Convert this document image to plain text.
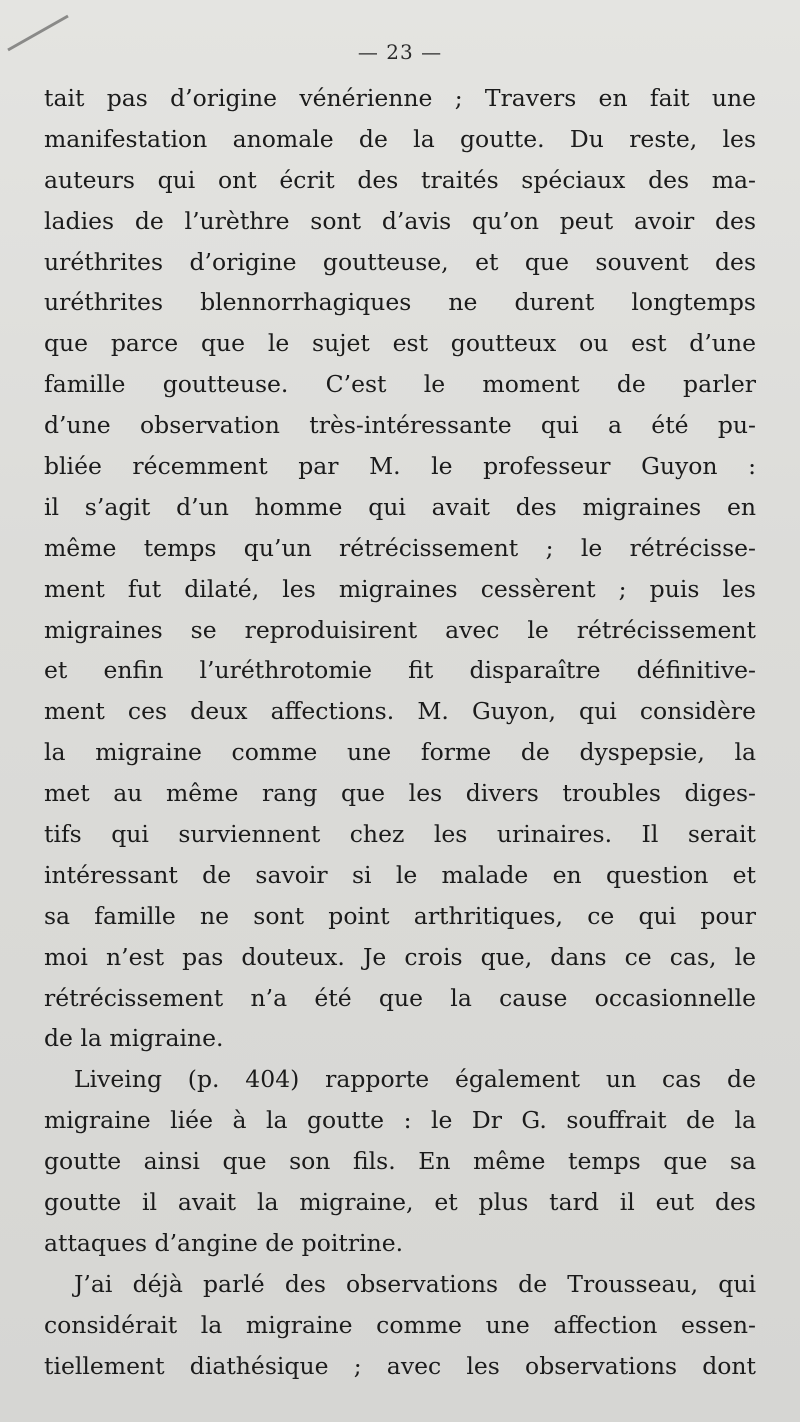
— 23 —
tait pas d’origine vénérienne ; Travers en fait une
manifestation anomale de la goutte. Du reste, les
auteurs qui ont écrit des traités spéciaux des ma-
ladies de l’urèthre sont d’avis qu’on peut avoir des
uréthrites d’origine goutteuse, et que souvent des
uréthrites blennorrhagiques ne durent longtemps
que parce que le sujet est goutteux ou est d’une
famille goutteuse. C’est le moment de parler
d’une observation très-intéressante qui a été pu-
bliée récemment par M. le professeur Guyon :
il s’agit d’un homme qui avait des migraines en
même temps qu’un rétrécissement ; le rétrécisse-
ment fut dilaté, les migraines cessèrent ; puis les
migraines se reproduisirent avec le rétrécissement
et enfin l’uréthrotomie fit disparaître définitive-
ment ces deux affections. M. Guyon, qui considère
la migraine comme une forme de dyspepsie, la
met au même rang que les divers troubles diges-
tifs qui surviennent chez les urinaires. Il serait
intéressant de savoir si le malade en question et
sa famille ne sont point arthritiques, ce qui pour
moi n’est pas douteux. Je crois que, dans ce cas, le
rétrécissement n’a été que la cause occasionnelle
de la migraine.
Liveing (p. 404) rapporte également un cas de
migraine liée à la goutte : le Dr G. souffrait de la
goutte ainsi que son fils. En même temps que sa
goutte il avait la migraine, et plus tard il eut des
attaques d’angine de poitrine.
J’ai déjà parlé des observations de Trousseau, qui
considérait la migraine comme une affection essen-
tiellement diathésique ; avec les observations dont
